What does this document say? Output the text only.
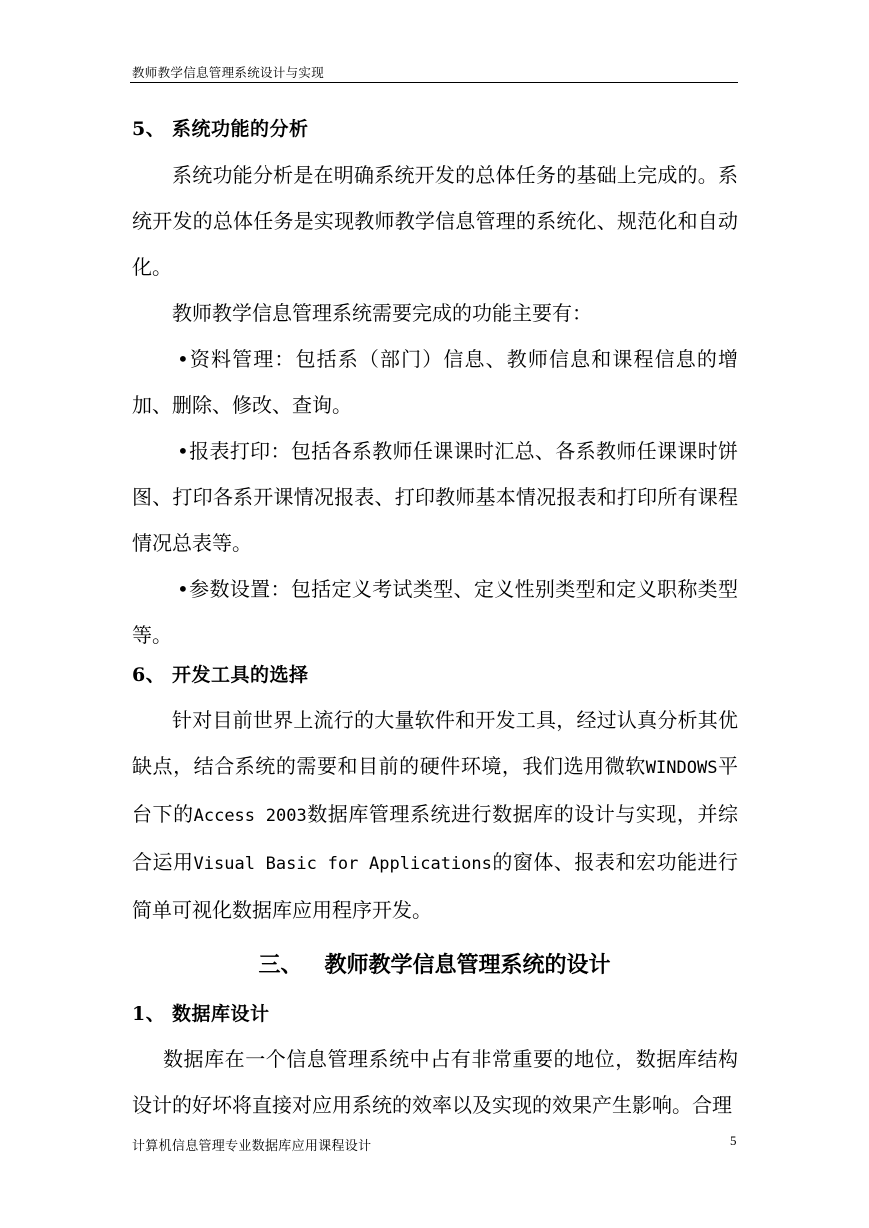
教师教学信息管理系统设计与实现
5、 系统功能的分析
系统功能分析是在明确系统开发的总体任务的基础上完成的。系统开发的总体任务是实现教师教学信息管理的系统化、规范化和自动化。
教师教学信息管理系统需要完成的功能主要有：
•资料管理：包括系（部门）信息、教师信息和课程信息的增加、删除、修改、查询。
•报表打印：包括各系教师任课课时汇总、各系教师任课课时饼图、打印各系开课情况报表、打印教师基本情况报表和打印所有课程情况总表等。
•参数设置：包括定义考试类型、定义性别类型和定义职称类型等。
6、 开发工具的选择
针对目前世界上流行的大量软件和开发工具，经过认真分析其优缺点，结合系统的需要和目前的硬件环境，我们选用微软WINDOWS平台下的Access 2003数据库管理系统进行数据库的设计与实现，并综合运用Visual Basic for Applications的窗体、报表和宏功能进行简单可视化数据库应用程序开发。
三、 教师教学信息管理系统的设计
1、 数据库设计
数据库在一个信息管理系统中占有非常重要的地位，数据库结构设计的好坏将直接对应用系统的效率以及实现的效果产生影响。合理
计算机信息管理专业数据库应用课程设计	5
